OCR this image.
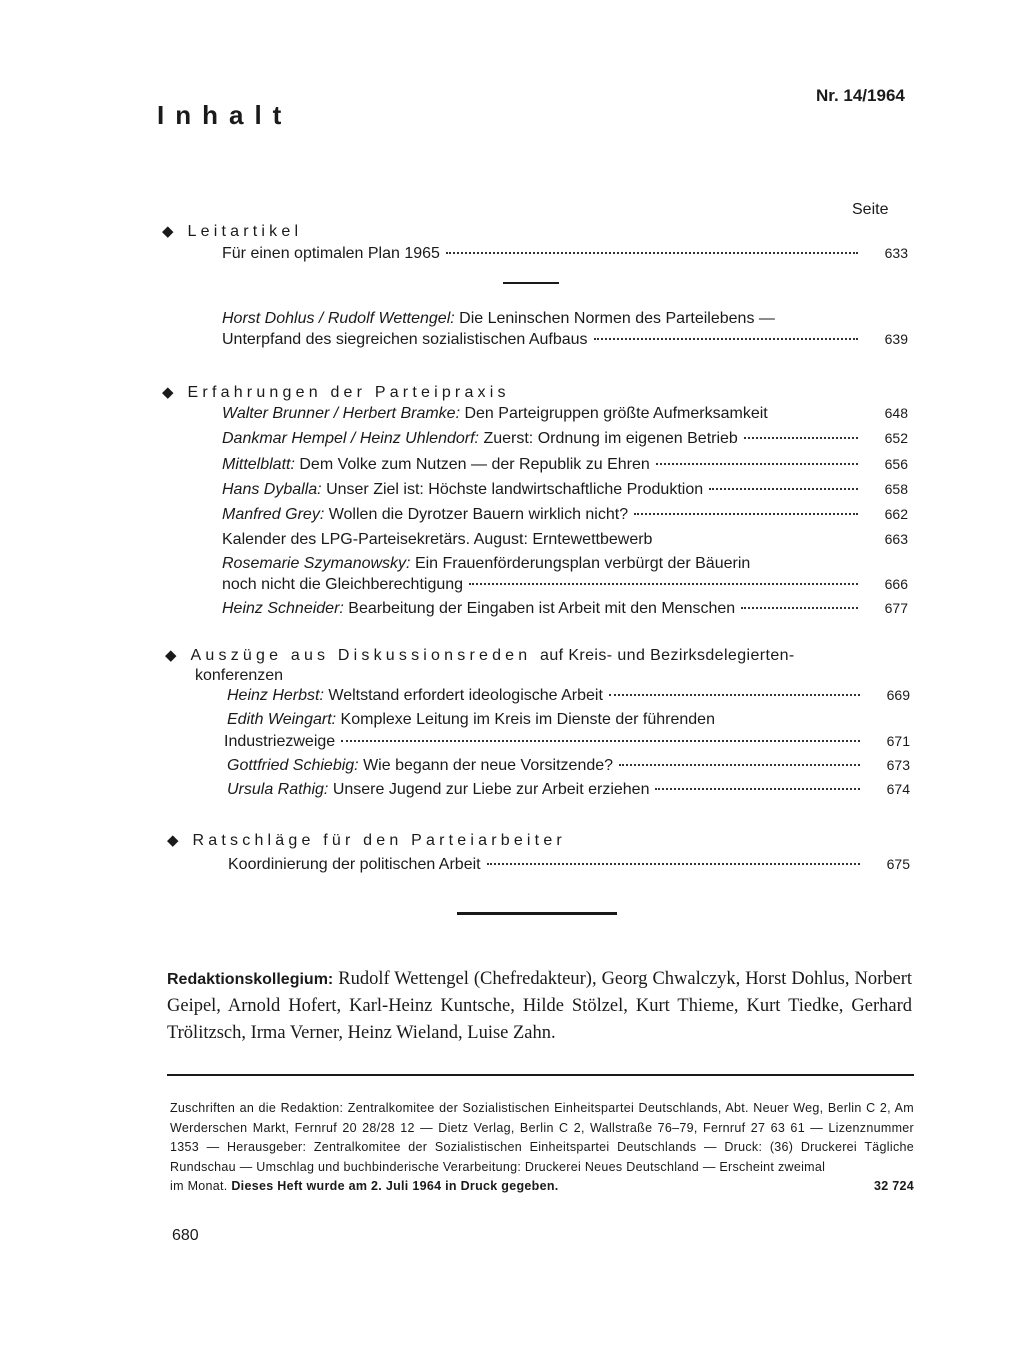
Nr. 14/1964
Inhalt
Seite
◆ Leitartikel
Für einen optimalen Plan 1965	633
Horst Dohlus / Rudolf Wettengel: Die Leninschen Normen des Parteilebens —
Unterpfand des siegreichen sozialistischen Aufbaus	639
◆ Erfahrungen der Parteipraxis
Walter Brunner / Herbert Bramke: Den Parteigruppen größte Aufmerksamkeit	648
Dankmar Hempel / Heinz Uhlendorf: Zuerst: Ordnung im eigenen Betrieb	652
Mittelblatt: Dem Volke zum Nutzen — der Republik zu Ehren	656
Hans Dyballa: Unser Ziel ist: Höchste landwirtschaftliche Produktion	658
Manfred Grey: Wollen die Dyrotzer Bauern wirklich nicht?	662
Kalender des LPG-Parteisekretärs. August: Erntewettbewerb	663
Rosemarie Szymanowsky: Ein Frauenförderungsplan verbürgt der Bäuerin
noch nicht die Gleichberechtigung	666
Heinz Schneider: Bearbeitung der Eingaben ist Arbeit mit den Menschen	677
◆ Auszüge aus Diskussionsreden auf Kreis- und Bezirksdelegierten-
konferenzen
Heinz Herbst: Weltstand erfordert ideologische Arbeit	669
Edith Weingart: Komplexe Leitung im Kreis im Dienste der führenden
Industriezweige	671
Gottfried Schiebig: Wie begann der neue Vorsitzende?	673
Ursula Rathig: Unsere Jugend zur Liebe zur Arbeit erziehen	674
◆ Ratschläge für den Parteiarbeiter
Koordinierung der politischen Arbeit	675
Redaktionskollegium: Rudolf Wettengel (Chefredakteur), Georg Chwalczyk, Horst Dohlus, Norbert Geipel, Arnold Hofert, Karl-Heinz Kuntsche, Hilde Stölzel, Kurt Thieme, Kurt Tiedke, Gerhard Trölitzsch, Irma Verner, Heinz Wieland, Luise Zahn.
Zuschriften an die Redaktion: Zentralkomitee der Sozialistischen Einheitspartei Deutschlands, Abt. Neuer Weg, Berlin C 2, Am Werderschen Markt, Fernruf 20 28/28 12 — Dietz Verlag, Berlin C 2, Wallstraße 76–79, Fernruf 27 63 61 — Lizenznummer 1353 — Herausgeber: Zentralkomitee der Sozialistischen Einheitspartei Deutschlands — Druck: (36) Druckerei Tägliche Rundschau — Umschlag und buchbinderische Verarbeitung: Druckerei Neues Deutschland — Erscheint zweimal
im Monat. Dieses Heft wurde am 2. Juli 1964 in Druck gegeben.	32 724
680
